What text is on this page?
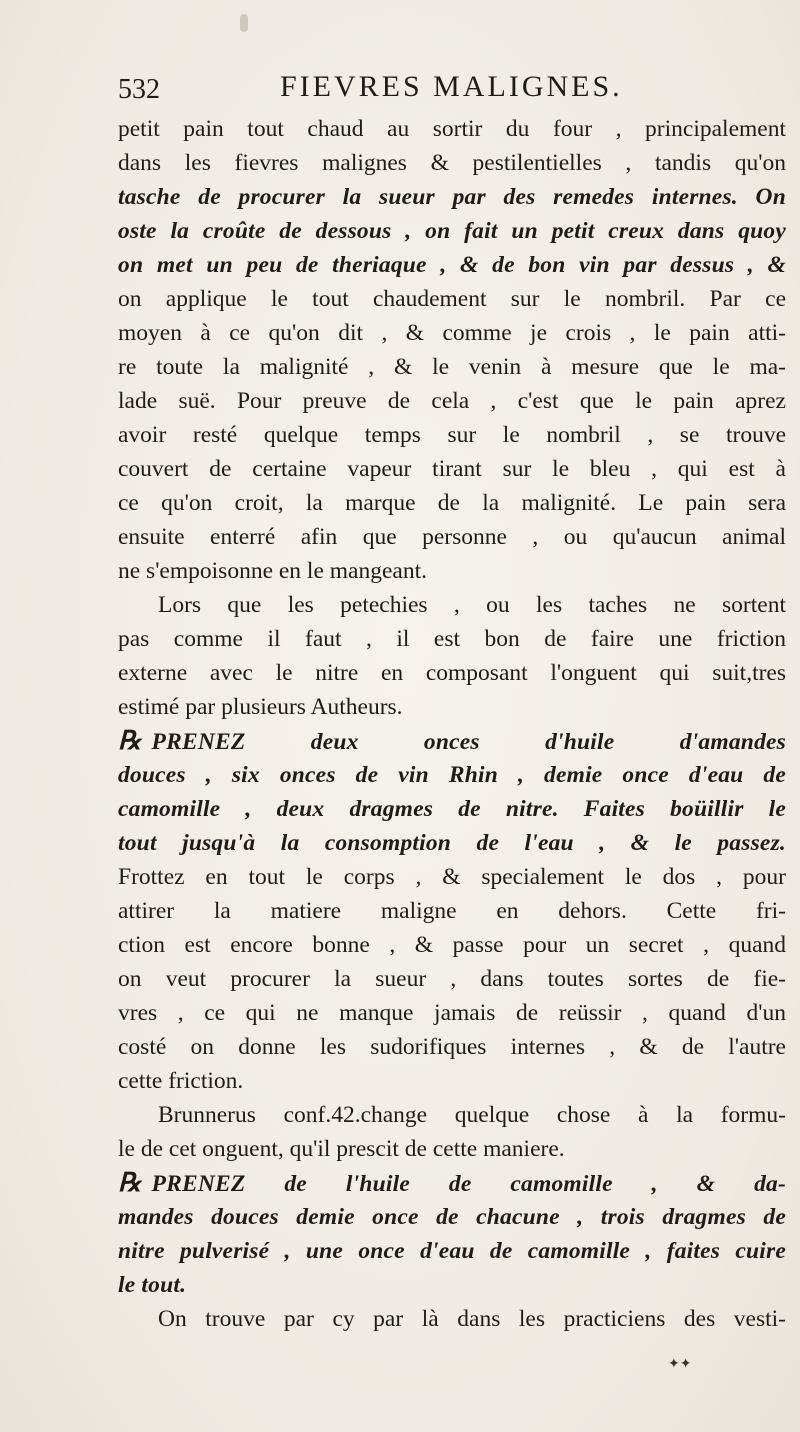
532	FIEVRES MALIGNES.
petit pain tout chaud au sortir du four , principalement
dans les fievres malignes & pestilentielles , tandis qu'on
tasche de procurer la sueur par des remedes internes. On
oste la croûte de dessous , on fait un petit creux dans quoy
on met un peu de theriaque , & de bon vin par dessus , &
on applique le tout chaudement sur le nombril. Par ce
moyen à ce qu'on dit , & comme je crois , le pain atti-
re toute la malignité , & le venin à mesure que le ma-
lade suë. Pour preuve de cela , c'est que le pain aprez
avoir resté quelque temps sur le nombril , se trouve
couvert de certaine vapeur tirant sur le bleu , qui est à
ce qu'on croit, la marque de la malignité. Le pain sera
ensuite enterré afin que personne , ou qu'aucun animal
ne s'empoisonne en le mangeant.
Lors que les petechies , ou les taches ne sortent
pas comme il faut , il est bon de faire une friction
externe avec le nitre en composant l'onguent qui suit,tres
estimé par plusieurs Autheurs.
℞ PRENEZ deux onces d'huile d'amandes
douces , six onces de vin Rhin , demie once d'eau de
camomille , deux dragmes de nitre. Faites boüillir le
tout jusqu'à la consomption de l'eau , & le passez.
Frottez en tout le corps , & specialement le dos , pour
attirer la matiere maligne en dehors. Cette fri-
ction est encore bonne , & passe pour un secret , quand
on veut procurer la sueur , dans toutes sortes de fie-
vres , ce qui ne manque jamais de reüssir , quand d'un
costé on donne les sudorifiques internes , & de l'autre
cette friction.
Brunnerus conf.42.change quelque chose à la formu-
le de cet onguent, qu'il prescit de cette maniere.
℞ PRENEZ de l'huile de camomille , & da-
mandes douces demie once de chacune , trois dragmes de
nitre pulverisé , une once d'eau de camomille , faites cuire
le tout.
On trouve par cy par là dans les practiciens des vesti-
✦✦
